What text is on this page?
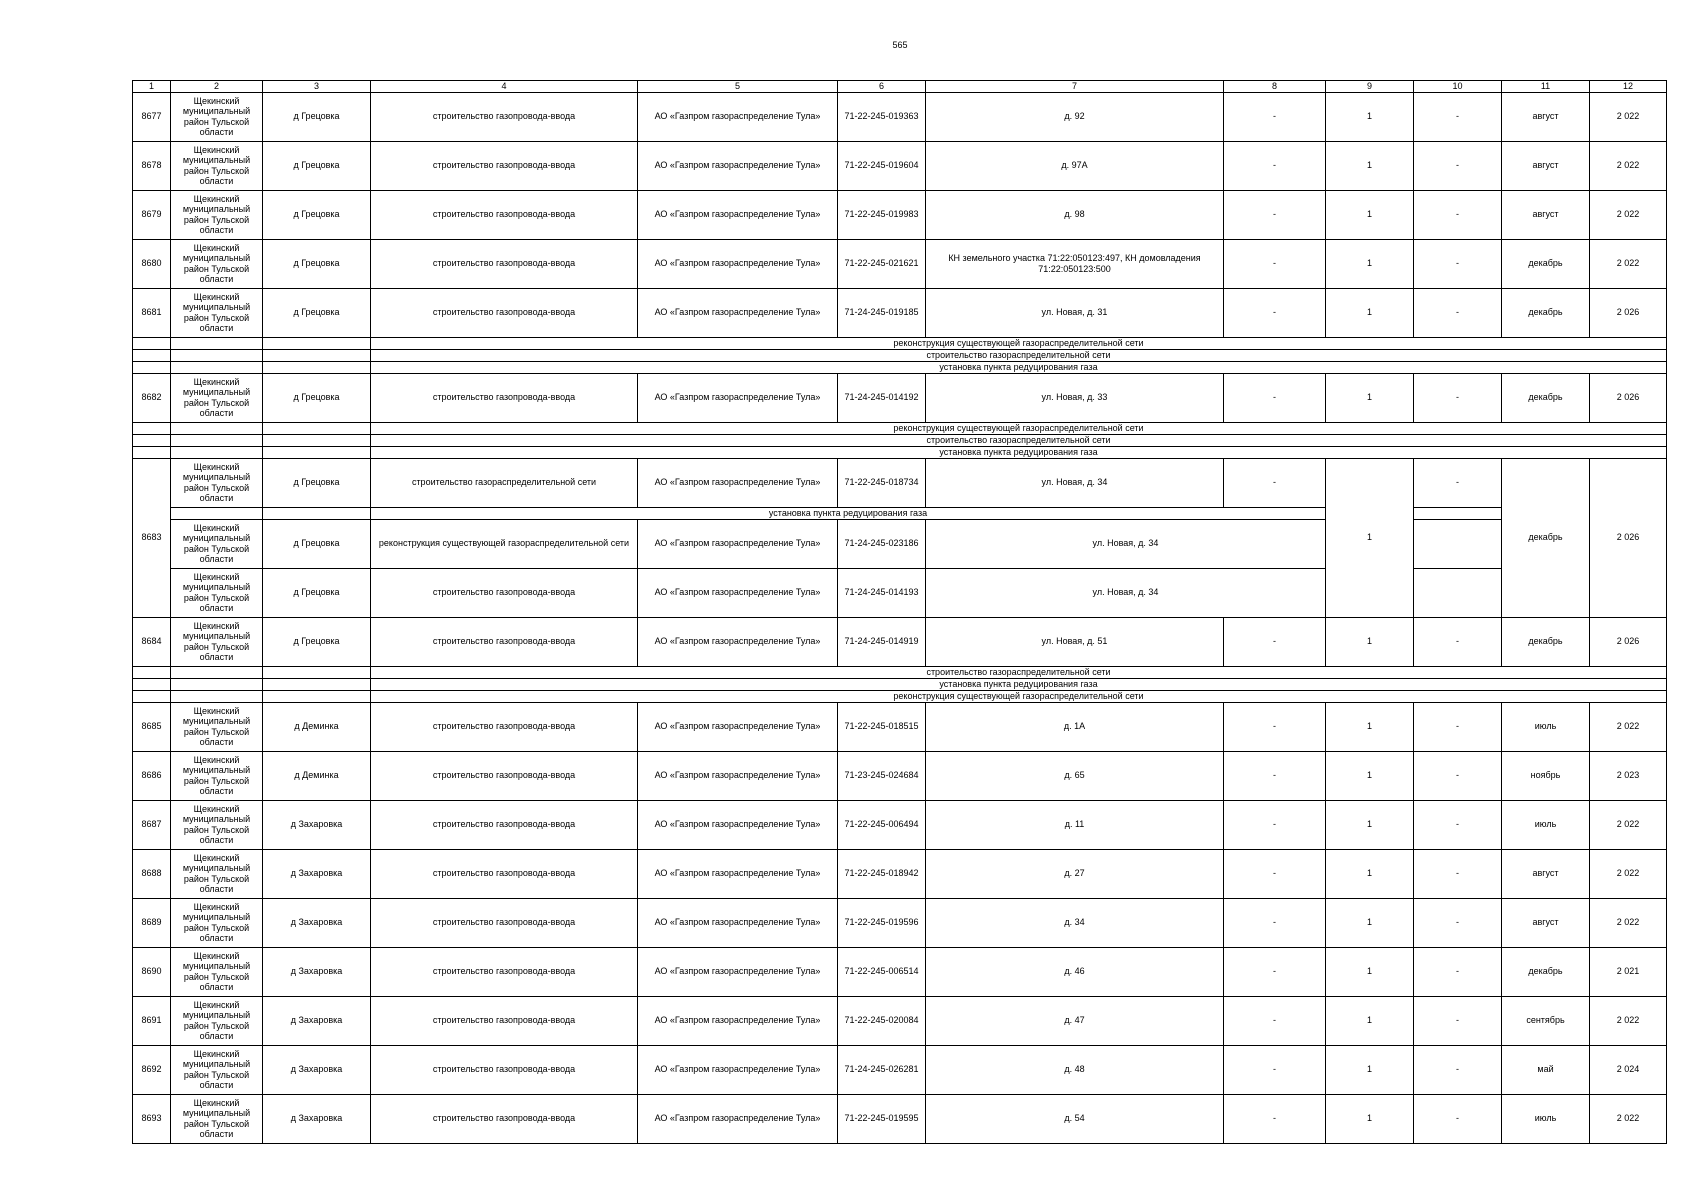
565
1	2	3	4	5	6	7	8	9	10	11	12
8677	Щекинский муниципальный район Тульской области	д Грецовка	строительство газопровода-ввода	АО «Газпром газораспределение Тула»	71-22-245-019363	д. 92	-	1	-	август	2 022
8678	Щекинский муниципальный район Тульской области	д Грецовка	строительство газопровода-ввода	АО «Газпром газораспределение Тула»	71-22-245-019604	д. 97А	-	1	-	август	2 022
8679	Щекинский муниципальный район Тульской области	д Грецовка	строительство газопровода-ввода	АО «Газпром газораспределение Тула»	71-22-245-019983	д. 98	-	1	-	август	2 022
8680	Щекинский муниципальный район Тульской области	д Грецовка	строительство газопровода-ввода	АО «Газпром газораспределение Тула»	71-22-245-021621	КН земельного участка 71:22:050123:497, КН домовладения 71:22:050123:500	-	1	-	декабрь	2 022
8681	Щекинский муниципальный район Тульской области	д Грецовка	строительство газопровода-ввода	АО «Газпром газораспределение Тула»	71-24-245-019185	ул. Новая, д. 31	-	1	-	декабрь	2 026
			реконструкция существующей газораспределительной сети								
			строительство газораспределительной сети								
			установка пункта редуцирования газа								
8682	Щекинский муниципальный район Тульской области	д Грецовка	строительство газопровода-ввода	АО «Газпром газораспределение Тула»	71-24-245-014192	ул. Новая, д. 33	-	1	-	декабрь	2 026
			реконструкция существующей газораспределительной сети								
			строительство газораспределительной сети								
			установка пункта редуцирования газа								
8683	Щекинский муниципальный район Тульской области	д Грецовка	строительство газораспределительной сети	АО «Газпром газораспределение Тула»	71-22-245-018734	ул. Новая, д. 34	-	1	-	декабрь	2 026
			установка пункта редуцирования газа								
	Щекинский муниципальный район Тульской области	д Грецовка	реконструкция существующей газораспределительной сети	АО «Газпром газораспределение Тула»	71-24-245-023186	ул. Новая, д. 34					
	Щекинский муниципальный район Тульской области	д Грецовка	строительство газопровода-ввода	АО «Газпром газораспределение Тула»	71-24-245-014193	ул. Новая, д. 34					
8684	Щекинский муниципальный район Тульской области	д Грецовка	строительство газопровода-ввода	АО «Газпром газораспределение Тула»	71-24-245-014919	ул. Новая, д. 51	-	1	-	декабрь	2 026
			строительство газораспределительной сети								
			установка пункта редуцирования газа								
			реконструкция существующей газораспределительной сети								
8685	Щекинский муниципальный район Тульской области	д Деминка	строительство газопровода-ввода	АО «Газпром газораспределение Тула»	71-22-245-018515	д. 1А	-	1	-	июль	2 022
8686	Щекинский муниципальный район Тульской области	д Деминка	строительство газопровода-ввода	АО «Газпром газораспределение Тула»	71-23-245-024684	д. 65	-	1	-	ноябрь	2 023
8687	Щекинский муниципальный район Тульской области	д Захаровка	строительство газопровода-ввода	АО «Газпром газораспределение Тула»	71-22-245-006494	д. 11	-	1	-	июль	2 022
8688	Щекинский муниципальный район Тульской области	д Захаровка	строительство газопровода-ввода	АО «Газпром газораспределение Тула»	71-22-245-018942	д. 27	-	1	-	август	2 022
8689	Щекинский муниципальный район Тульской области	д Захаровка	строительство газопровода-ввода	АО «Газпром газораспределение Тула»	71-22-245-019596	д. 34	-	1	-	август	2 022
8690	Щекинский муниципальный район Тульской области	д Захаровка	строительство газопровода-ввода	АО «Газпром газораспределение Тула»	71-22-245-006514	д. 46	-	1	-	декабрь	2 021
8691	Щекинский муниципальный район Тульской области	д Захаровка	строительство газопровода-ввода	АО «Газпром газораспределение Тула»	71-22-245-020084	д. 47	-	1	-	сентябрь	2 022
8692	Щекинский муниципальный район Тульской области	д Захаровка	строительство газопровода-ввода	АО «Газпром газораспределение Тула»	71-24-245-026281	д. 48	-	1	-	май	2 024
8693	Щекинский муниципальный район Тульской области	д Захаровка	строительство газопровода-ввода	АО «Газпром газораспределение Тула»	71-22-245-019595	д. 54	-	1	-	июль	2 022
